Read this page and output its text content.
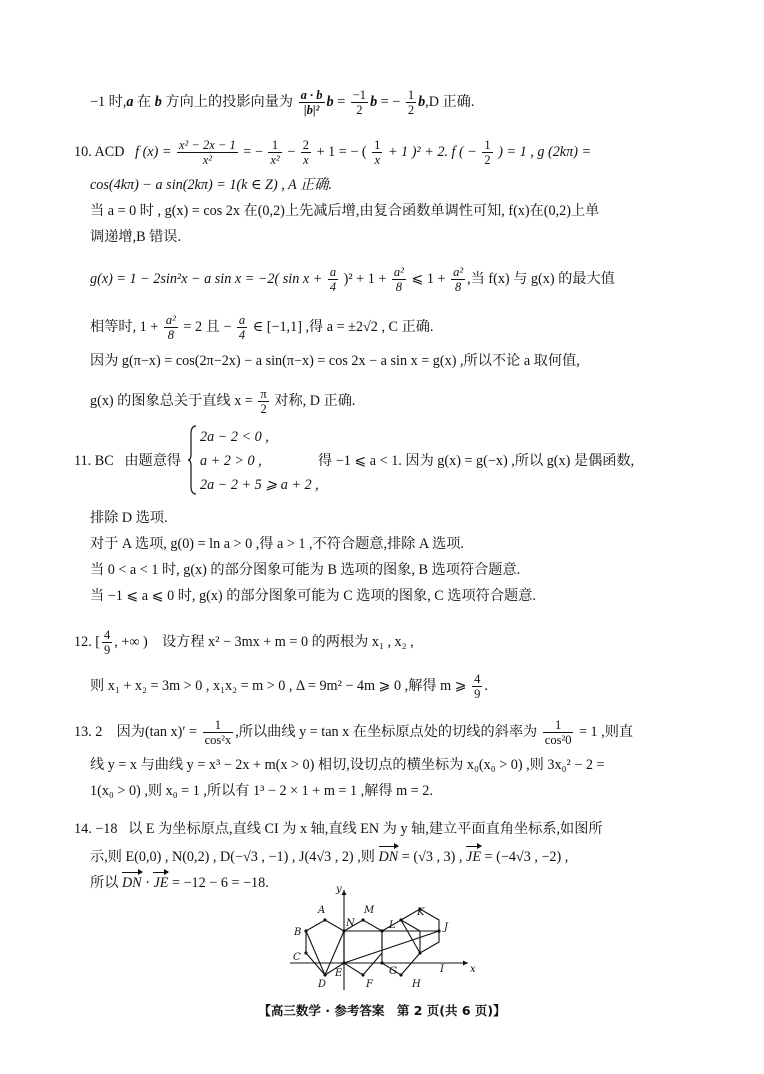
−1 时,a 在 b 方向上的投影向量为 $\frac{a \cdot b}{\text{|b|²}}$ $b = \frac{-1}{2}$ b = − $\frac{1}{2} b,D$ 正确.
10. ACD f $(x) = \frac{\text{x² − 2x − 1}}{\text{x²}}$ = − $\frac{1}{\text{x²}} - \frac{2}{x} + 1$ = − ( $\frac{1}{x} + 1$ )² + 2. f ( − $\frac{1}{2}$ ) = 1 , g (2kπ) =
cos(4kπ) − a sin(2kπ) = 1(k ∈ Z) , A 正确.
当 a = 0 时 , g(x) = cos 2x 在(0,2)上先减后增,由复合函数单调性可知, f(x)在(0,2)上单
调递增,B 错误.
g(x) = 1 − 2sin²x − a sin x = −2( $\sin x + \frac{a}{4} )^2 + 1 + \frac{\text{a²}}{8}$ ⩽ $1 + \frac{\text{a²}}{8}$ ,当 f(x) 与 g(x) 的最大值
相等时, $1 + \frac{\text{a²}}{8} = 2$ 且 − $\frac{a}{4}$ ∈ [−1,1] ,得 a = ±2√2 , C 正确.
因为 g(π−x) = cos(2π−2x) − a sin(π−x) = cos 2x − a sin x = g(x) ,所以不论 a 取何值,
g(x) 的图象总关于直线 $x = \frac{\pi}{2}$ 对称, D 正确.
11. BC 由题意得
2a − 2 < 0 ,
a + 2 > 0 ,
2a − 2 + 5 ⩾ a + 2 ,
得 −1 ⩽ a < 1. 因为 g(x) = g(−x) ,所以 g(x) 是偶函数,
排除 D 选项.
对于 A 选项, g(0) = ln a > 0 ,得 a > 1 ,不符合题意,排除 A 选项.
当 0 < a < 1 时, g(x) 的部分图象可能为 B 选项的图象, B 选项符合题意.
当 −1 ⩽ a ⩽ 0 时, g(x) 的部分图象可能为 C 选项的图象, C 选项符合题意.
12. [ $\frac{4}{9}$ , +∞ ) 设方程 x² − 3mx + m = 0 的两根为 x₁ , x₂ ,
则 x₁ + x₂ = 3m > 0 , x₁x₂ = m > 0 , Δ = 9m² − 4m ⩾ 0 ,解得 m ⩾ $\frac{4}{9}$ .
13. 2 因为(tan $x)' = \frac{1}{\text{cos²x}}$ ,所以曲线 y = tan x 在坐标原点处的切线的斜率为 $\frac{1}{\text{cos²0}} = 1$ ,则直
线 y = x 与曲线 y = x³ − 2x + m(x > 0) 相切,设切点的横坐标为 x₀(x₀ > 0) ,则 3x₀² − 2 =
1(x₀ > 0) ,则 x₀ = 1 ,所以有 1³ − 2 × 1 + m = 1 ,解得 m = 2.
14. −18 以 E 为坐标原点,直线 CI 为 x 轴,直线 EN 为 y 轴,建立平面直角坐标系,如图所
示,则 E(0,0) , N(0,2) , D(−√3 , −1) , J(4√3 , 2) ,则 DN = (√3 , 3) , JE = (−4√3 , −2) ,
所以 DN · JE = −12 − 6 = −18.
A
B
C
D
E
F
G
H
I
J
K
L
M
N
x
y
【高三数学 · 参考答案　第 2 页(共 6 页)】
